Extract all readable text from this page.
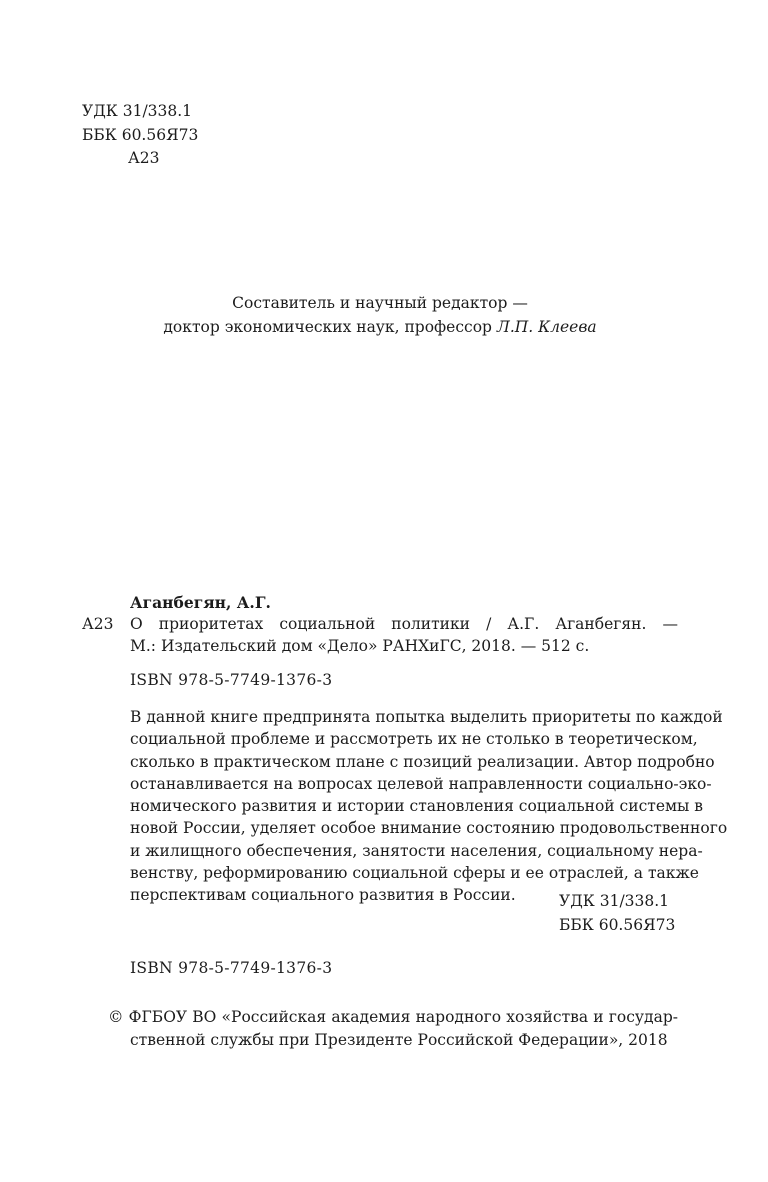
УДК 31/338.1
ББК 60.56Я73
А23
Составитель и научный редактор —
доктор экономических наук, профессор Л.П. Клеева
Аганбегян, А.Г.
А23 О приоритетах социальной политики / А.Г. Аганбегян. —
М.: Издательский дом «Дело» РАНХиГС, 2018. — 512 с.
ISBN 978-5-7749-1376-3
В данной книге предпринята попытка выделить приоритеты по каждой
социальной проблеме и рассмотреть их не столько в теоретическом,
сколько в практическом плане с позиций реализации. Автор подробно
останавливается на вопросах целевой направленности социально-эко-
номического развития и истории становления социальной системы в
новой России, уделяет особое внимание состоянию продовольственного
и жилищного обеспечения, занятости населения, социальному нера-
венству, реформированию социальной сферы и ее отраслей, а также
перспективам социального развития в России.	УДК 31/338.1
ББК 60.56Я73
ISBN 978-5-7749-1376-3
© ФГБОУ ВО «Российская академия народного хозяйства и государ-
ственной службы при Президенте Российской Федерации», 2018
